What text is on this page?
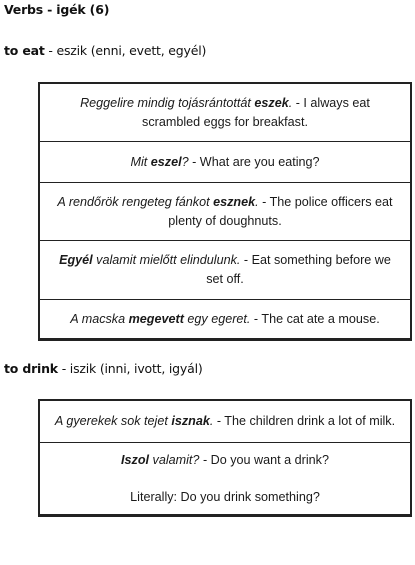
Verbs - igék (6)
to eat - eszik (enni, evett, egyél)
Reggelire mindig tojásrántottát eszek. - I always eat scrambled eggs for breakfast.
Mit eszel? - What are you eating?
A rendőrök rengeteg fánkot esznek. - The police officers eat plenty of doughnuts.
Egyél valamit mielőtt elindulunk. - Eat something before we set off.
A macska megevett egy egeret. - The cat ate a mouse.
to drink - iszik (inni, ivott, igyál)
A gyerekek sok tejet isznak. - The children drink a lot of milk.
Iszol valamit? - Do you want a drink?
Literally: Do you drink something?
